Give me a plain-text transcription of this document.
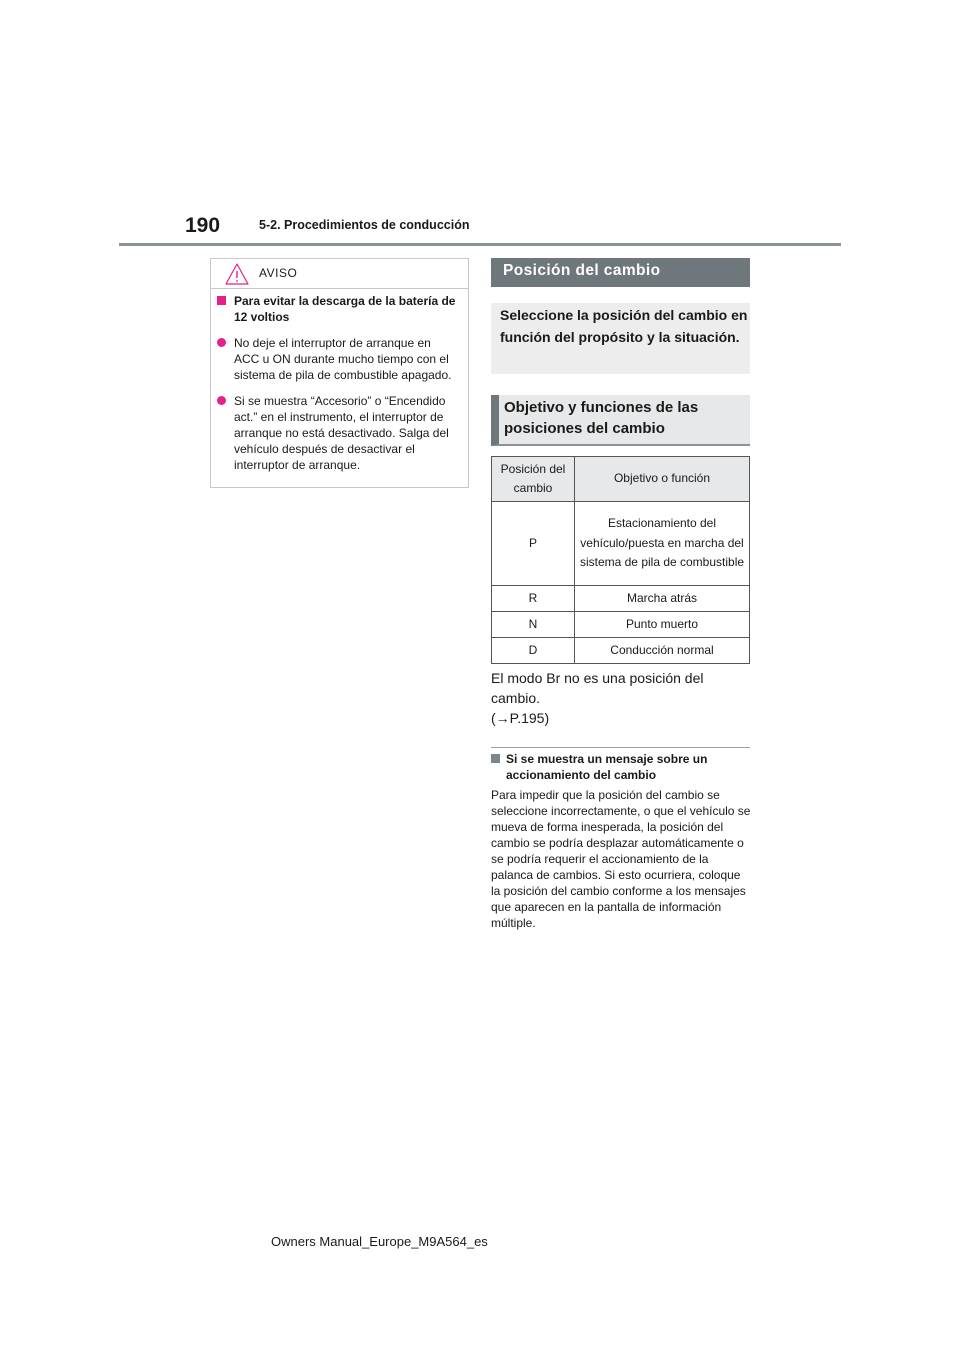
190	5-2. Procedimientos de conducción
AVISO
Para evitar la descarga de la batería de 12 voltios
No deje el interruptor de arranque en ACC u ON durante mucho tiempo con el sistema de pila de combustible apagado.
Si se muestra “Accesorio” o “Encendido act.” en el instrumento, el interruptor de arranque no está desactivado. Salga del vehículo después de desactivar el interruptor de arranque.
Posición del cambio
Seleccione la posición del cambio en función del propósito y la situación.
Objetivo y funciones de las posiciones del cambio
Posición del cambio	Objetivo o función
P	Estacionamiento del vehículo/puesta en marcha del sistema de pila de combustible
R	Marcha atrás
N	Punto muerto
D	Conducción normal
El modo Br no es una posición del cambio.
(→P.195)
Si se muestra un mensaje sobre un accionamiento del cambio
Para impedir que la posición del cambio se seleccione incorrectamente, o que el vehículo se mueva de forma inesperada, la posición del cambio se podría desplazar automáticamente o se podría requerir el accionamiento de la palanca de cambios. Si esto ocurriera, coloque la posición del cambio conforme a los mensajes que aparecen en la pantalla de información múltiple.
Owners Manual_Europe_M9A564_es
